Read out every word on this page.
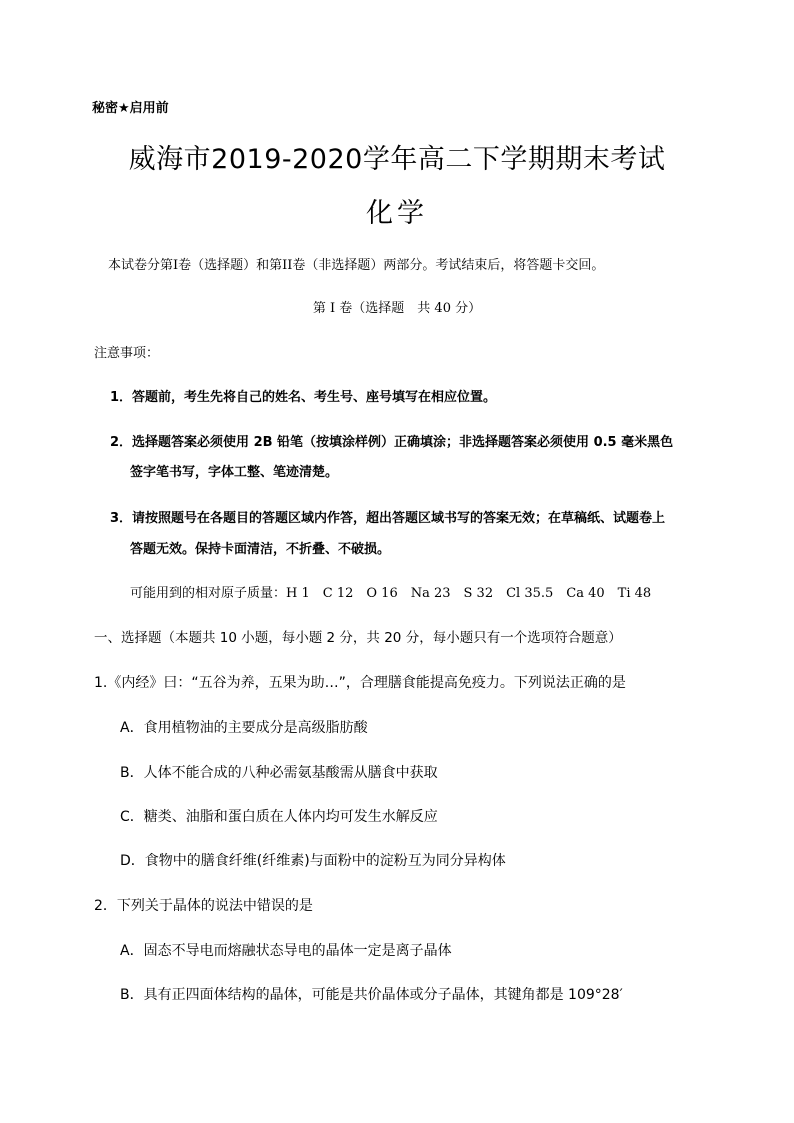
秘密★启用前
威海市2019-2020学年高二下学期期末考试
化学
本试卷分第I卷（选择题）和第II卷（非选择题）两部分。考试结束后，将答题卡交回。
第 I 卷（选择题　共 40 分）
注意事项：
1．答题前，考生先将自己的姓名、考生号、座号填写在相应位置。
2．选择题答案必须使用 2B 铅笔（按填涂样例）正确填涂；非选择题答案必须使用 0.5 毫米黑色
签字笔书写，字体工整、笔迹清楚。
3．请按照题号在各题目的答题区域内作答，超出答题区域书写的答案无效；在草稿纸、试题卷上
答题无效。保持卡面清洁，不折叠、不破损。
可能用到的相对原子质量：H 1　C 12　O 16　Na 23　S 32　Cl 35.5　Ca 40　Ti 48
一、选择题（本题共 10 小题，每小题 2 分，共 20 分，每小题只有一个选项符合题意）
1.《内经》曰：“五谷为养，五果为助…”，合理膳食能提高免疫力。下列说法正确的是
A．食用植物油的主要成分是高级脂肪酸
B．人体不能合成的八种必需氨基酸需从膳食中获取
C．糖类、油脂和蛋白质在人体内均可发生水解反应
D．食物中的膳食纤维(纤维素)与面粉中的淀粉互为同分异构体
2．下列关于晶体的说法中错误的是
A．固态不导电而熔融状态导电的晶体一定是离子晶体
B．具有正四面体结构的晶体，可能是共价晶体或分子晶体，其键角都是 109°28′
